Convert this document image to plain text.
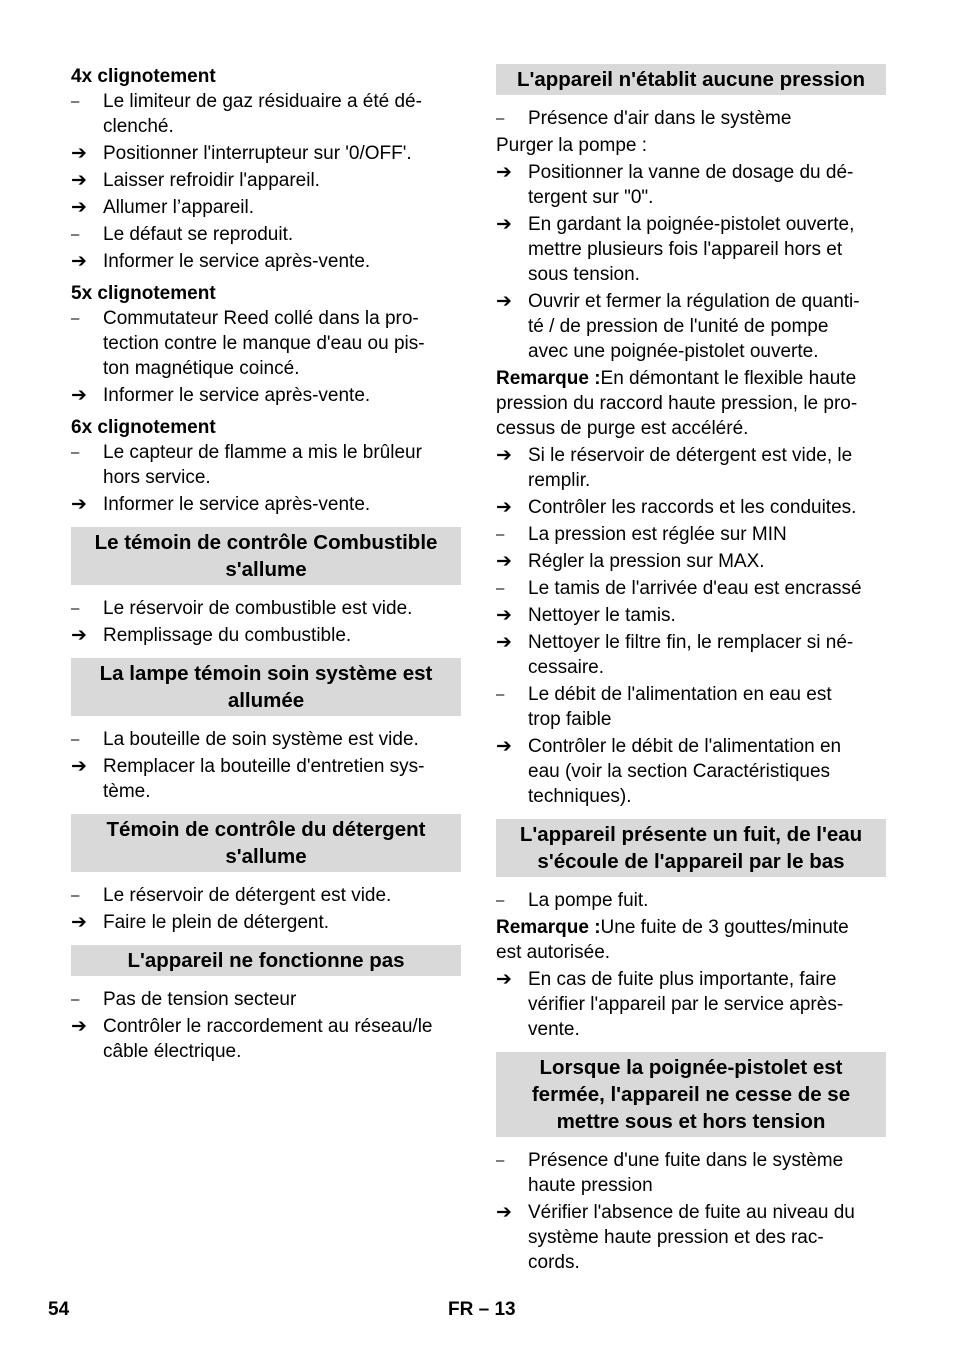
4x clignotement
–	Le limiteur de gaz résiduaire a été dé-
clenché.
➔ Positionner l'interrupteur sur '0/OFF'.
➔ Laisser refroidir l'appareil.
➔ Allumer l’appareil.
–	Le défaut se reproduit.
➔ Informer le service après-vente.
5x clignotement
–	Commutateur Reed collé dans la pro-
tection contre le manque d'eau ou pis-
ton magnétique coincé.
➔ Informer le service après-vente.
6x clignotement
–	Le capteur de flamme a mis le brûleur
hors service.
➔ Informer le service après-vente.
Le témoin de contrôle Combustible
s'allume
–	Le réservoir de combustible est vide.
➔ Remplissage du combustible.
La lampe témoin soin système est
allumée
–	La bouteille de soin système est vide.
➔ Remplacer la bouteille d'entretien sys-
tème.
Témoin de contrôle du détergent
s'allume
–	Le réservoir de détergent est vide.
➔ Faire le plein de détergent.
L'appareil ne fonctionne pas
–	Pas de tension secteur
➔ Contrôler le raccordement au réseau/le
câble électrique.
L'appareil n'établit aucune pression
–	Présence d'air dans le système
Purger la pompe :
➔ Positionner la vanne de dosage du dé-
tergent sur "0".
➔ En gardant la poignée-pistolet ouverte,
mettre plusieurs fois l'appareil hors et
sous tension.
➔ Ouvrir et fermer la régulation de quanti-
té / de pression de l'unité de pompe
avec une poignée-pistolet ouverte.
Remarque :En démontant le flexible haute
pression du raccord haute pression, le pro-
cessus de purge est accéléré.
➔ Si le réservoir de détergent est vide, le
remplir.
➔ Contrôler les raccords et les conduites.
–	La pression est réglée sur MIN
➔ Régler la pression sur MAX.
–	Le tamis de l'arrivée d'eau est encrassé
➔ Nettoyer le tamis.
➔ Nettoyer le filtre fin, le remplacer si né-
cessaire.
–	Le débit de l'alimentation en eau est
trop faible
➔ Contrôler le débit de l'alimentation en
eau (voir la section Caractéristiques
techniques).
L'appareil présente un fuit, de l'eau
s'écoule de l'appareil par le bas
–	La pompe fuit.
Remarque :Une fuite de 3 gouttes/minute
est autorisée.
➔ En cas de fuite plus importante, faire
vérifier l'appareil par le service après-
vente.
Lorsque la poignée-pistolet est
fermée, l'appareil ne cesse de se
mettre sous et hors tension
–	Présence d'une fuite dans le système
haute pression
➔ Vérifier l'absence de fuite au niveau du
système haute pression et des rac-
cords.
54	FR – 13
